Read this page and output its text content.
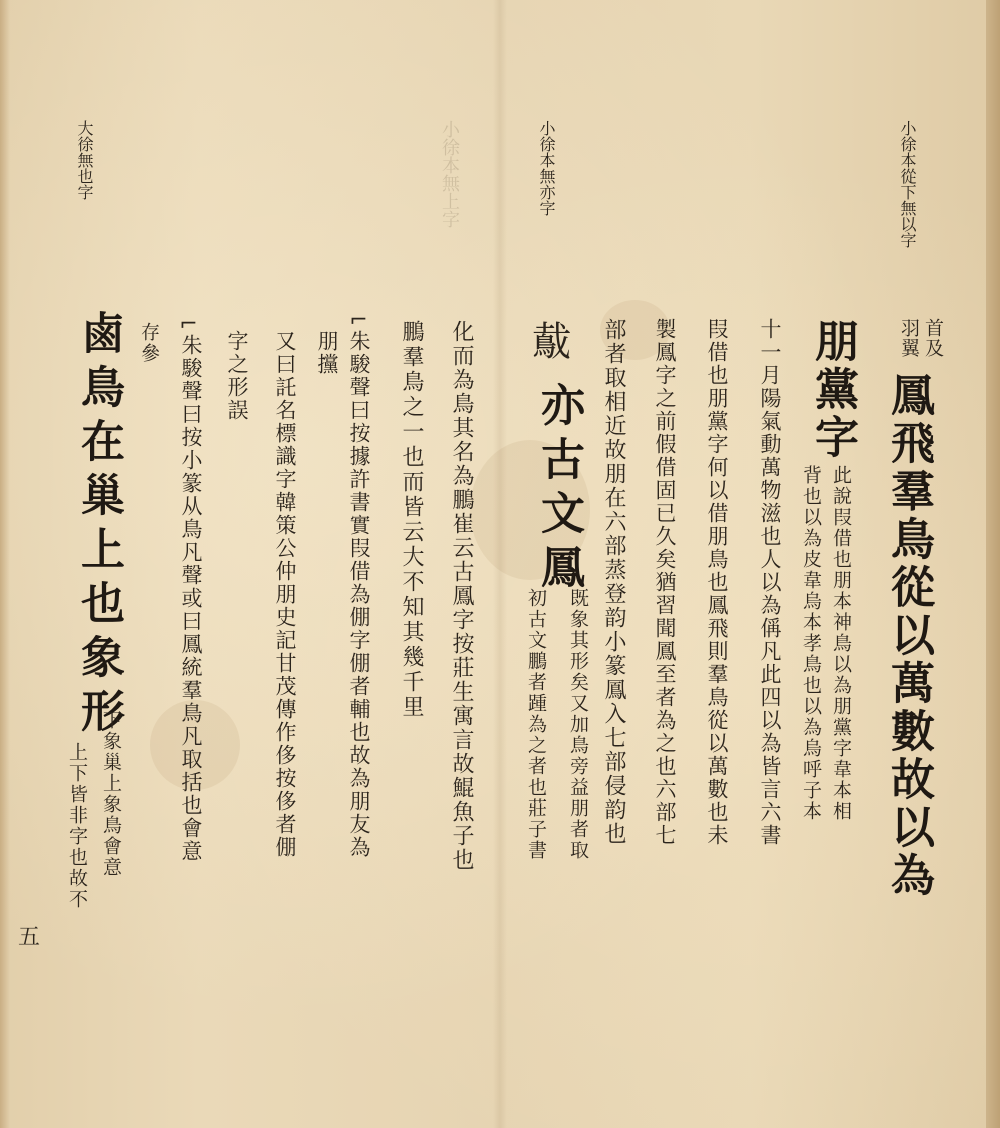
小徐本從下無以字
小徐本無亦字
大徐無也字	小徐本無上字
羽翼 首及
鳳飛羣鳥從以萬數故以為
朋黨字
此說叚借也朋本神鳥以為朋黨字韋本相
背也以為皮韋烏本孝鳥也以為烏呼子本
十一月陽氣動萬物滋也人以為偁凡此四以為皆言六書
叚借也朋黨字何以借朋鳥也鳳飛則羣鳥從以萬數也未
製鳳字之前假借固已久矣猶習聞鳳至者為之也六部七
部者取相近故朋在六部蒸登韵小篆鳳入七部侵韵也
䳒
亦古文鳳
既象其形矣又加鳥旁益朋者取
初古文鵬者踵為之者也莊子書
化而為鳥其名為鵬崔云古鳳字按莊生寓言故鯤魚子也
鵬羣鳥之一也而皆云大不知其幾千里
⌐
朱駿聲曰按據許書實叚借為倗字倗者輔也故為朋友為
朋攩
又曰託名標識字韓策公仲朋史記甘茂傳作侈按侈者倗
字之形誤
⌐
朱駿聲曰按小篆从鳥凡聲或曰鳳統羣鳥凡取括也會意
存參
鹵鳥在巢上也象形
下象巢上象鳥會意
上下皆非字也故不
五
